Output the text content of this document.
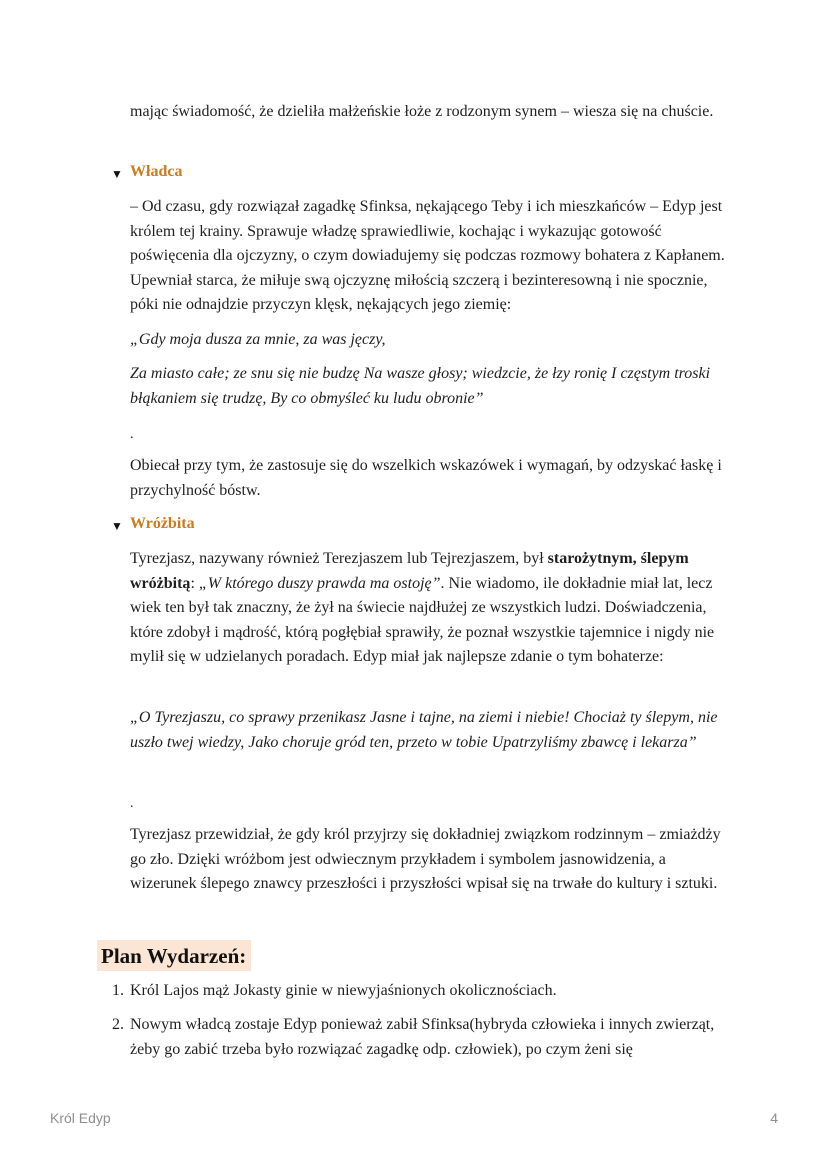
mając świadomość, że dzieliła małżeńskie łoże z rodzonym synem – wiesza się na chuście.

▼ Władca

– Od czasu, gdy rozwiązał zagadkę Sfinksa, nękającego Teby i ich mieszkańców – Edyp jest królem tej krainy. Sprawuje władzę sprawiedliwie, kochając i wykazując gotowość poświęcenia dla ojczyzny, o czym dowiadujemy się podczas rozmowy bohatera z Kapłanem. Upewniał starca, że miłuje swą ojczyznę miłością szczerą i bezinteresowną i nie spocznie, póki nie odnajdzie przyczyn klęsk, nękających jego ziemię:

„Gdy moja dusza za mnie, za was jęczy,

Za miasto całe; ze snu się nie budzę Na wasze głosy; wiedzcie, że łzy ronię I częstym troski błąkaniem się trudzę, By co obmyśleć ku ludu obronie”

.

Obiecał przy tym, że zastosuje się do wszelkich wskazówek i wymagań, by odzyskać łaskę i przychylność bóstw.

▼ Wróżbita

Tyrezjasz, nazywany również Terezjaszem lub Tejrezjaszem, był starożytnym, ślepym wróżbitą: „W którego duszy prawda ma ostoję”. Nie wiadomo, ile dokładnie miał lat, lecz wiek ten był tak znaczny, że żył na świecie najdłużej ze wszystkich ludzi. Doświadczenia, które zdobył i mądrość, którą pogłębiał sprawiły, że poznał wszystkie tajemnice i nigdy nie mylił się w udzielanych poradach. Edyp miał jak najlepsze zdanie o tym bohaterze:

„O Tyrezjaszu, co sprawy przenikasz Jasne i tajne, na ziemi i niebie! Chociaż ty ślepym, nie uszło twej wiedzy, Jako choruje gród ten, przeto w tobie Upatrzyliśmy zbawcę i lekarza”

.

Tyrezjasz przewidział, że gdy król przyjrzy się dokładniej związkom rodzinnym – zmiażdży go zło. Dzięki wróżbom jest odwiecznym przykładem i symbolem jasnowidzenia, a wizerunek ślepego znawcy przeszłości i przyszłości wpisał się na trwałe do kultury i sztuki.

Plan Wydarzeń:
1. Król Lajos mąż Jokasty ginie w niewyjaśnionych okolicznościach.

2. Nowym władcą zostaje Edyp ponieważ zabił Sfinksa(hybryda człowieka i innych zwierząt, żeby go zabić trzeba było rozwiązać zagadkę odp. człowiek), po czym żeni się

Król Edyp	4
